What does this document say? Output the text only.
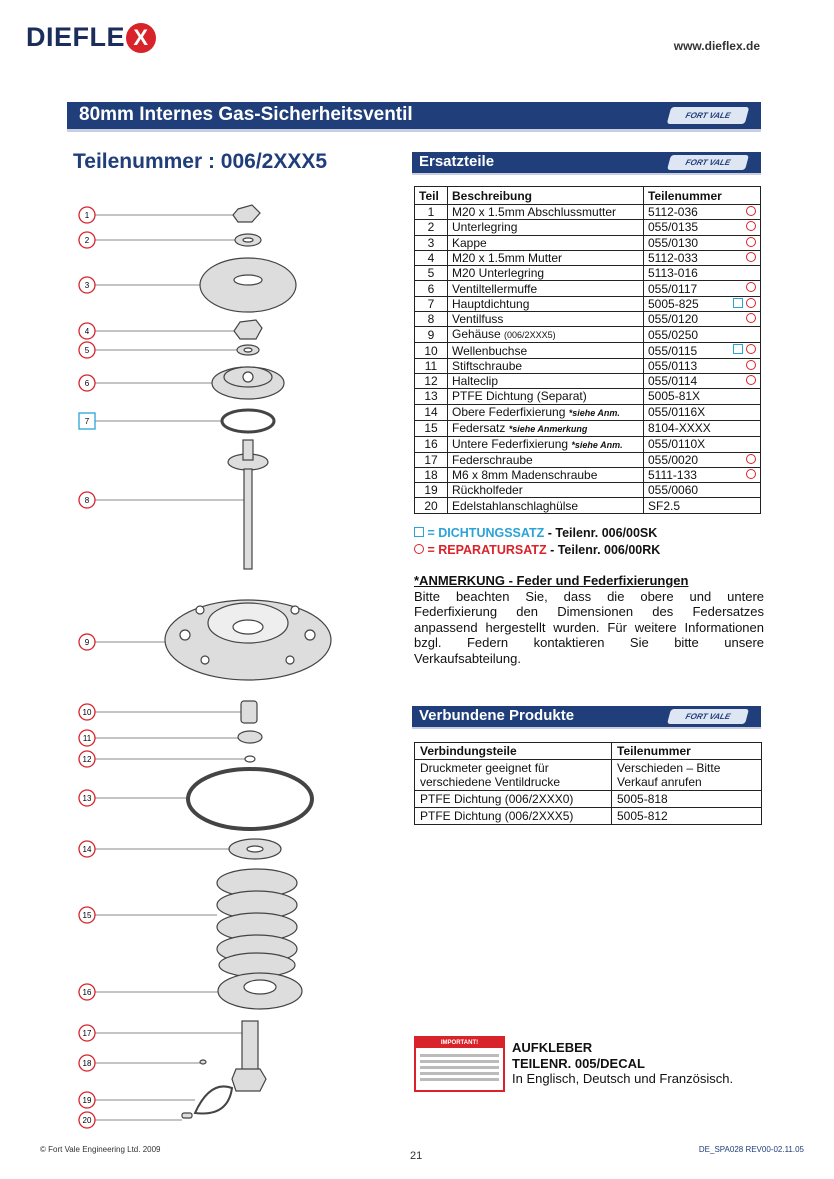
DIEFLE X	www.dieflex.de
80mm Internes Gas-Sicherheitsventil	FORT VALE
Teilenummer : 006/2XXX5	Ersatzteile	FORT VALE
Teil	Beschreibung	Teilenummer
1	M20 x 1.5mm Abschlussmutter	5112-036

2	Unterlegring	055/0135

3	Kappe	055/0130

4	M20 x 1.5mm Mutter	5112-033

5	M20 Unterlegring	5113-016
6	Ventiltellermuffe	055/0117

7	Hauptdichtung	5005-825

8	Ventilfuss	055/0120

9	Gehäuse (006/2XXX5)	055/0250
10	Wellenbuchse	055/0115

11	Stiftschraube	055/0113

12	Halteclip	055/0114

13	PTFE Dichtung (Separat)	5005-81X
14	Obere Federfixierung *siehe Anm.	055/0116X
15	Federsatz *siehe Anmerkung	8104-XXXX
16	Untere Federfixierung *siehe Anm.	055/0110X
17	Federschraube	055/0020

18	M6 x 8mm Madenschraube	5111-133

19	Rückholfeder	055/0060
20	Edelstahlanschlaghülse	SF2.5
= DICHTUNGSSATZ - Teilenr. 006/00SK
= REPARATURSATZ - Teilenr. 006/00RK
*ANMERKUNG - Feder und Federfixierungen
Bitte beachten Sie, dass die obere und untere Federfixierung den Dimensionen des Federsatzes anpassend hergestellt wurden. Für weitere Informationen bzgl. Federn kontaktieren Sie bitte unsere Verkaufsabteilung.
Verbundene Produkte	FORT VALE
Verbindungsteile	Teilenummer
Druckmeter geeignet für verschiedene Ventildrucke	Verschieden – Bitte Verkauf anrufen
PTFE Dichtung (006/2XXX0)	5005-818
PTFE Dichtung (006/2XXX5)	5005-812
IMPORTANT!	AUFKLEBER
TEILENR. 005/DECAL
In Englisch, Deutsch und Französisch.
1
2
3
4
5
6
7
8
9
10
11
12
13
14
15
16
17
18
19
20
© Fort Vale Engineering Ltd. 2009
21
DE_SPA028 REV00-02.11.05
